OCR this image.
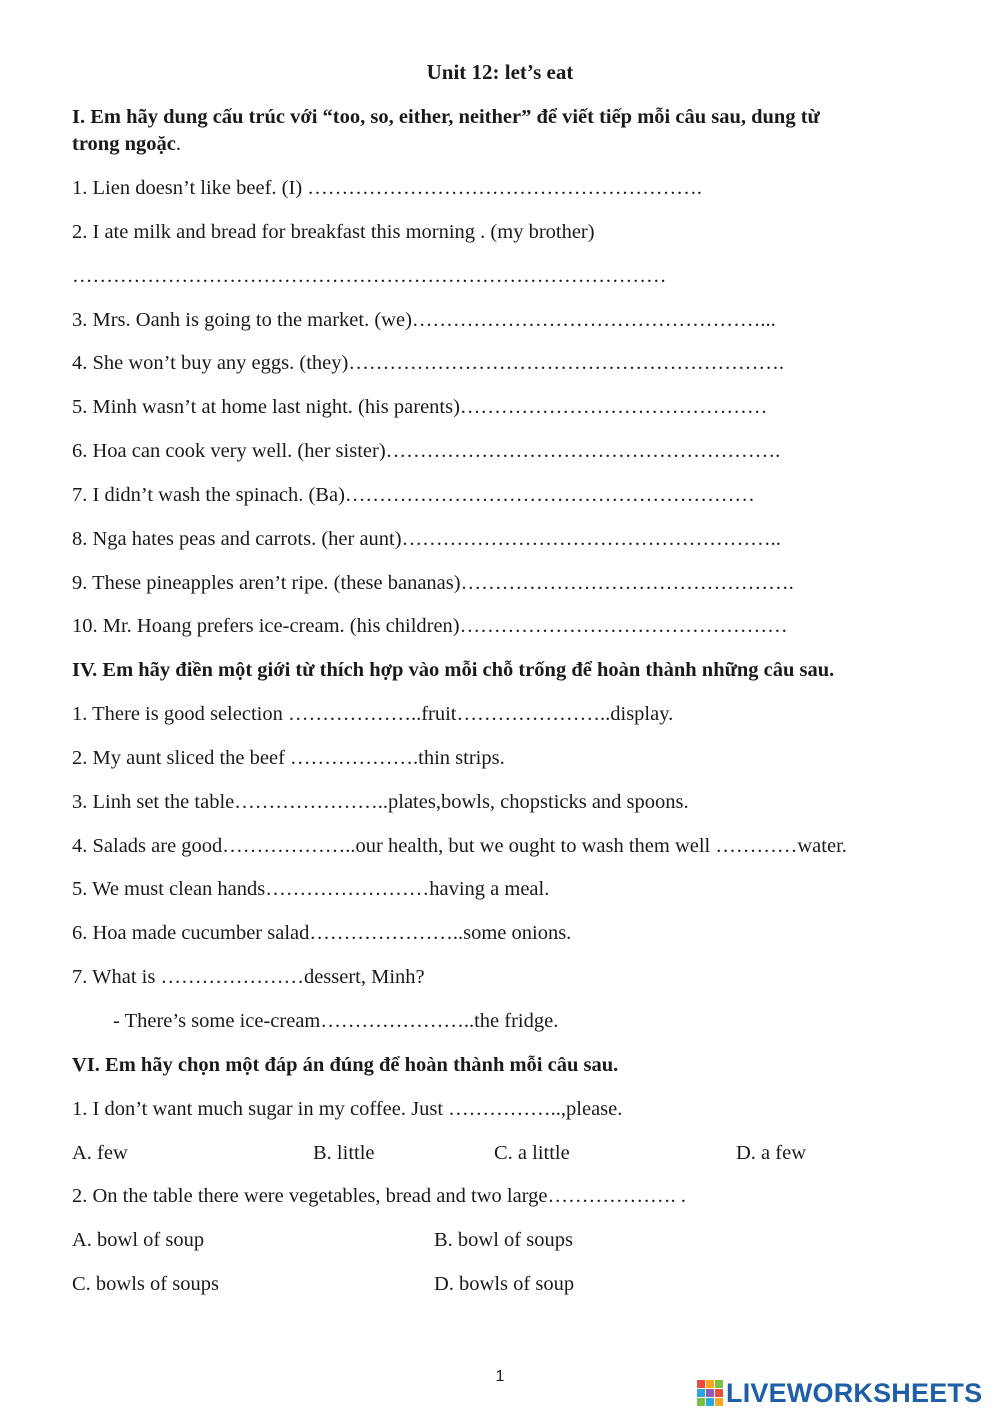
Unit 12: let’s eat
I. Em hãy dung cấu trúc với “too, so, either, neither” để viết tiếp mỗi câu sau, dung từ
trong ngoặc.
1. Lien doesn’t like beef. (I) ………………………………………………….
2. I ate milk and bread for breakfast this morning . (my brother)
……………………………………………………………………………
3. Mrs. Oanh is going to the market. (we)……………………………………………...
4. She won’t buy any eggs. (they)……………………………………………………….
5. Minh wasn’t at home last night. (his parents)………………………………………
6. Hoa can cook very well. (her sister)………………………………………………….
7. I didn’t wash the spinach. (Ba)……………………………………………………
8. Nga hates peas and carrots. (her aunt)………………………………………………..
9. These pineapples aren’t ripe. (these bananas)………………………………………….
10. Mr. Hoang prefers ice-cream. (his children)…………………………………………
IV. Em hãy điền một giới từ thích hợp vào mỗi chỗ trống để hoàn thành những câu sau.
1. There is good selection ………………..fruit…………………..display.
2. My aunt sliced the beef ……………….thin strips.
3. Linh set the table…………………..plates,bowls, chopsticks and spoons.
4. Salads are good………………..our health, but we ought to wash them well …………water.
5. We must clean hands……………………having a meal.
6. Hoa made cucumber salad…………………..some onions.
7. What is …………………dessert, Minh?
- There’s some ice-cream…………………..the fridge.
VI. Em hãy chọn một đáp án đúng để hoàn thành mỗi câu sau.
1. I don’t want much sugar in my coffee. Just ……………..,please.
A. few	B. little	C. a little	D. a few
2. On the table there were vegetables, bread and two large………………. .
A. bowl of soup	B. bowl of soups
C. bowls of soups	D. bowls of soup
1
LIVEWORKSHEETS
